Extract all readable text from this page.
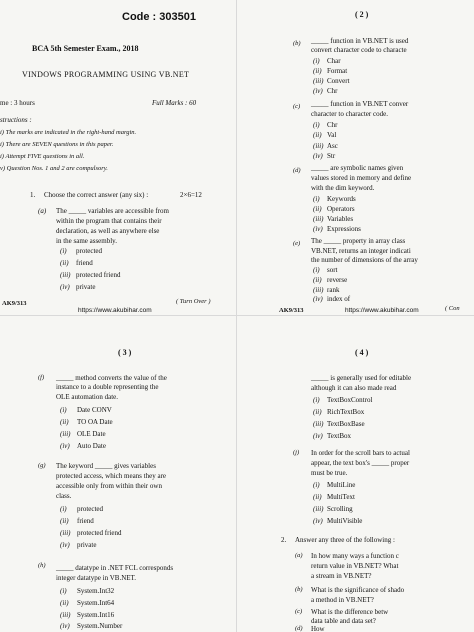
Code : 303501
BCA 5th Semester Exam., 2018
VINDOWS PROGRAMMING USING VB.NET
me : 3 hours	Full Marks : 60
structions :
i) The marks are indicated in the right-hand margin.
i) There are SEVEN questions in this paper.
i) Attempt FIVE questions in all.
v) Question Nos. 1 and 2 are compulsory.
1. Choose the correct answer (any six) :	2×6=12
(a) The _____ variables are accessible from
within the program that contains their
declaration, as well as anywhere else
in the same assembly.
(i) protected
(ii) friend
(iii) protected friend
(iv) private
AK9/313	( Turn Over )
https://www.akubihar.com
( 2 )
(b) _____ function in VB.NET is used
convert character code to characte
(i) Char
(ii) Format
(iii) Convert
(iv) Chr
(c) _____ function in VB.NET conver
character to character code.
(i) Chr
(ii) Val
(iii) Asc
(iv) Str
(d) _____ are symbolic names given
values stored in memory and define
with the dim keyword.
(i) Keywords
(ii) Operators
(iii) Variables
(iv) Expressions
(e) The _____ property in array class
VB.NET, returns an integer indicati
the number of dimensions of the array
(i) sort
(ii) reverse
(iii) rank
(iv) index of
AK9/313	( Con
https://www.akubihar.com
( 3 )
(f) _____ method converts the value of the
instance to a double representing the
OLE automation date.
(i) Date CONV
(ii) TO OA Date
(iii) OLE Date
(iv) Auto Date
(g) The keyword _____ gives variables
protected access, which means they are
accessible only from within their own
class.
(i) protected
(ii) friend
(iii) protected friend
(iv) private
(h) _____ datatype in .NET FCL corresponds
integer datatype in VB.NET.
(i) System.Int32
(ii) System.Int64
(iii) System.Int16
(iv) System.Number
( 4 )
_____ is generally used for editable
although it can also made read
(i) TextBoxControl
(ii) RichTextBox
(iii) TextBoxBase
(iv) TextBox
(j) In order for the scroll bars to actual
appear, the text box's _____ proper
must be true.
(i) MultiLine
(ii) MultiText
(iii) Scrolling
(iv) MultiVisible
2. Answer any three of the following :
(a) In how many ways a function c
return value in VB.NET? What
a stream in VB.NET?
(b) What is the significance of shado
a method in VB.NET?
(c) What is the difference betw
data table and data set?
(d) How
